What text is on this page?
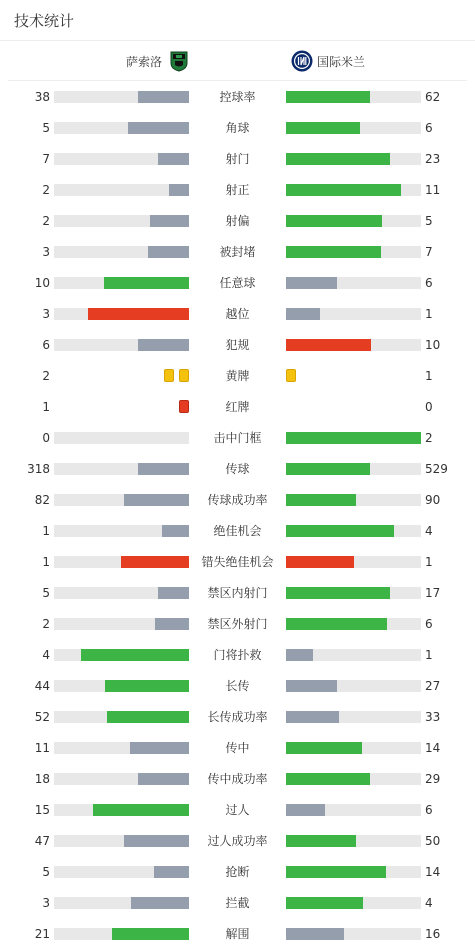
技术统计
萨索洛	国际米兰
38	控球率	62
5	角球	6
7	射门	23
2	射正	11
2	射偏	5
3	被封堵	7
10	任意球	6
3	越位	1
6	犯规	10
2	黄牌	1
1	红牌	0
0	击中门框	2
318	传球	529
82	传球成功率	90
1	绝佳机会	4
1	错失绝佳机会	1
5	禁区内射门	17
2	禁区外射门	6
4	门将扑救	1
44	长传	27
52	长传成功率	33
11	传中	14
18	传中成功率	29
15	过人	6
47	过人成功率	50
5	抢断	14
3	拦截	4
21	解围	16
